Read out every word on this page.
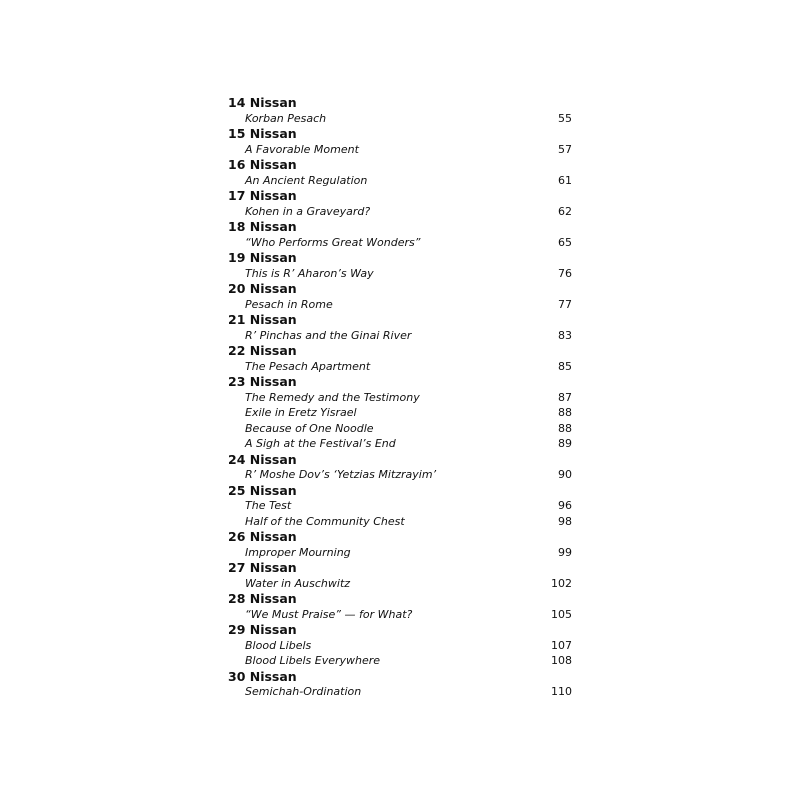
14 Nissan
Korban Pesach	55
15 Nissan
A Favorable Moment	57
16 Nissan
An Ancient Regulation	61
17 Nissan
Kohen in a Graveyard?	62
18 Nissan
“Who Performs Great Wonders”	65
19 Nissan
This is R’ Aharon’s Way	76
20 Nissan
Pesach in Rome	77
21 Nissan
R’ Pinchas and the Ginai River	83
22 Nissan
The Pesach Apartment	85
23 Nissan
The Remedy and the Testimony	87
Exile in Eretz Yisrael	88
Because of One Noodle	88
A Sigh at the Festival’s End	89
24 Nissan
R’ Moshe Dov’s ‘Yetzias Mitzrayim’	90
25 Nissan
The Test	96
Half of the Community Chest	98
26 Nissan
Improper Mourning	99
27 Nissan
Water in Auschwitz	102
28 Nissan
“We Must Praise” — for What?	105
29 Nissan
Blood Libels	107
Blood Libels Everywhere	108
30 Nissan
Semichah-Ordination	110
